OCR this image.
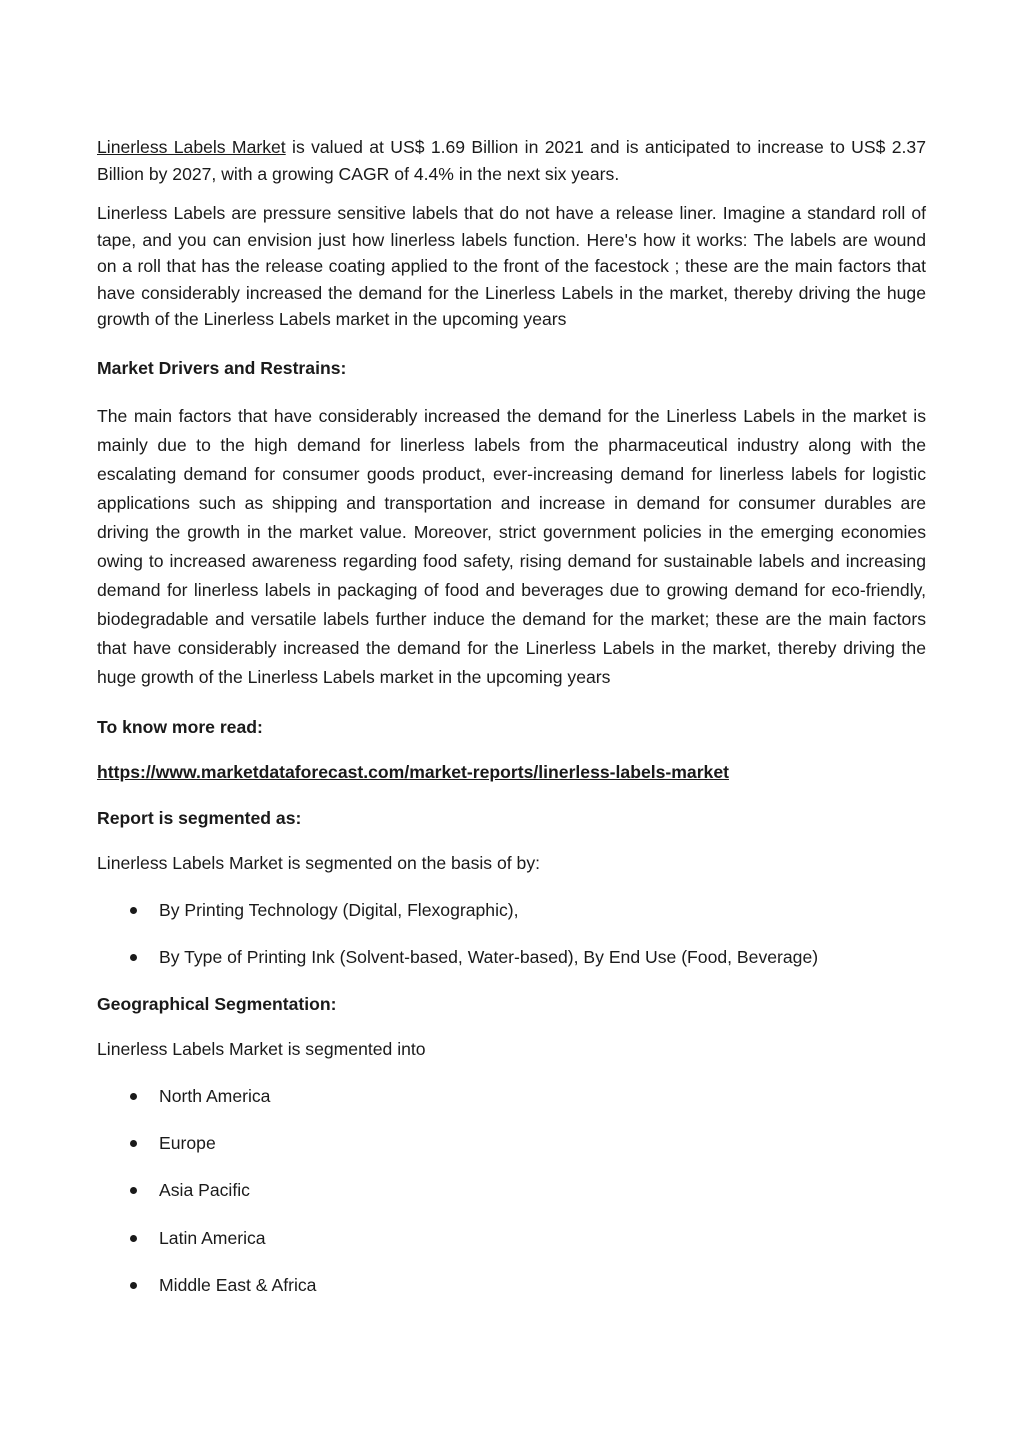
Linerless Labels Market is valued at US$ 1.69 Billion in 2021 and is anticipated to increase to US$ 2.37 Billion by 2027, with a growing CAGR of 4.4% in the next six years.

Linerless Labels are pressure sensitive labels that do not have a release liner. Imagine a standard roll of tape, and you can envision just how linerless labels function. Here's how it works: The labels are wound on a roll that has the release coating applied to the front of the facestock ; these are the main factors that have considerably increased the demand for the Linerless Labels in the market, thereby driving the huge growth of the Linerless Labels market in the upcoming years

Market Drivers and Restrains:

The main factors that have considerably increased the demand for the Linerless Labels in the market is mainly due to the high demand for linerless labels from the pharmaceutical industry along with the escalating demand for consumer goods product, ever-increasing demand for linerless labels for logistic applications such as shipping and transportation and increase in demand for consumer durables are driving the growth in the market value. Moreover, strict government policies in the emerging economies owing to increased awareness regarding food safety, rising demand for sustainable labels and increasing demand for linerless labels in packaging of food and beverages due to growing demand for eco-friendly, biodegradable and versatile labels further induce the demand for the market; these are the main factors that have considerably increased the demand for the Linerless Labels in the market, thereby driving the huge growth of the Linerless Labels market in the upcoming years

To know more read:

https://www.marketdataforecast.com/market-reports/linerless-labels-market

Report is segmented as:

Linerless Labels Market is segmented on the basis of by:

By Printing Technology (Digital, Flexographic),
By Type of Printing Ink (Solvent-based, Water-based), By End Use (Food, Beverage)

Geographical Segmentation:

Linerless Labels Market is segmented into

North America
Europe
Asia Pacific
Latin America
Middle East & Africa
